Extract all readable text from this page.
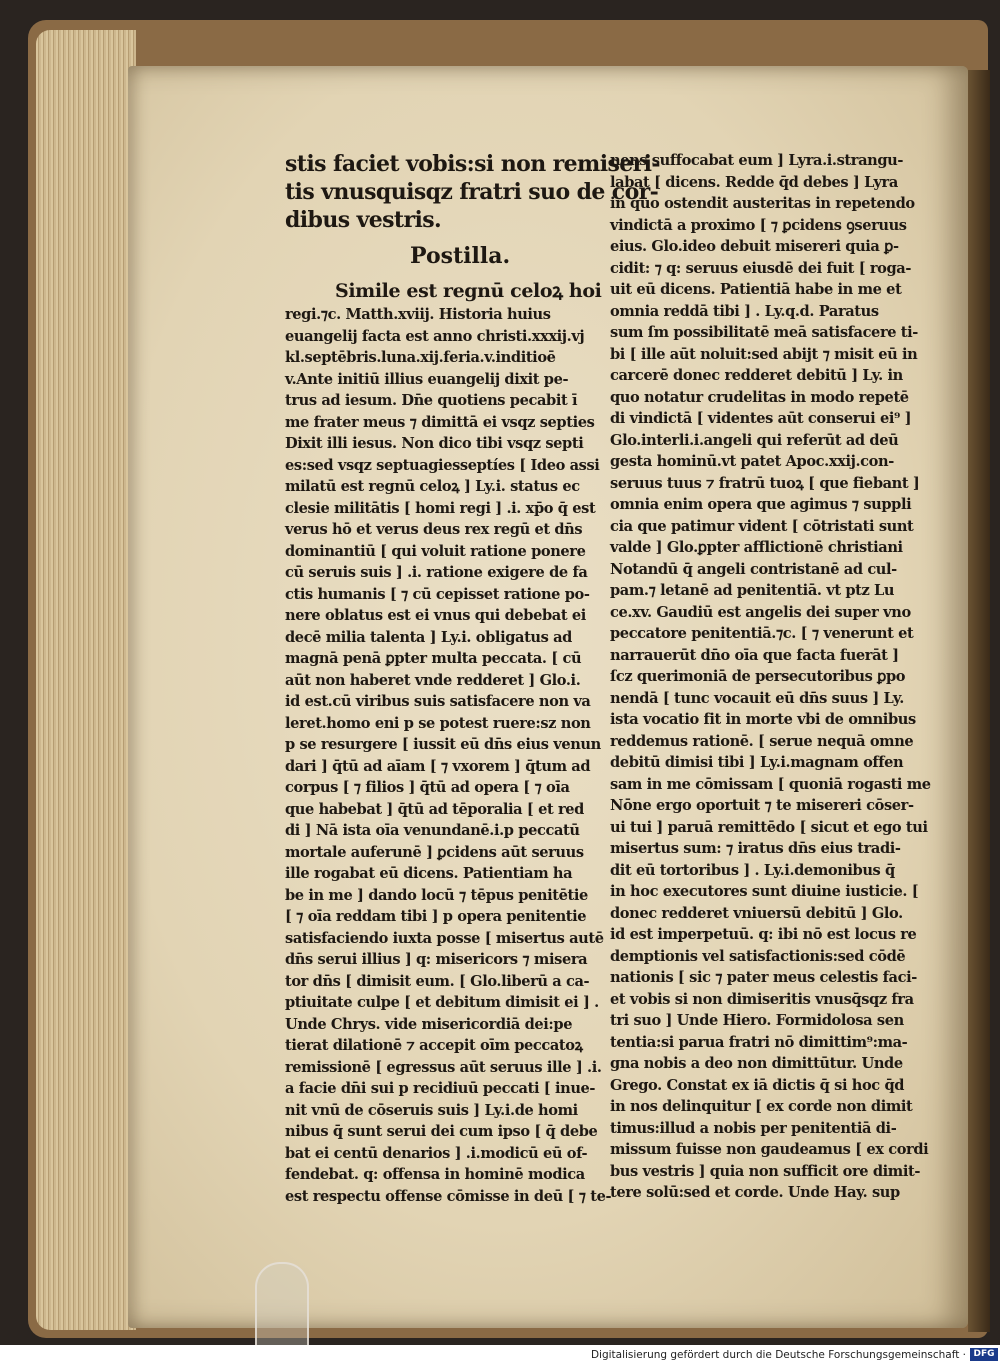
stis faciet vobis:si non remiseri-
tis vnusquisqz fratri suo de cor-
dibus vestris.
Postilla.
Simile est regnū celoꝝ hoi
regi.⁊c. Matth.xviij. Historia huius
euangelij facta est anno christi.xxxij.vj
kl.septēbris.luna.xij.feria.v.inditioē
v.Ante initiū illius euangelij dixit pe-
trus ad iesum. Dn̄e quotiens pecabit ī
me frater meus ⁊ dimittā ei vsqz septies
Dixit illi iesus. Non dico tibi vsqz septi
es:sed vsqz septuagiesseptíes [ Ideo assi
milatū est regnū celoꝝ ] Ly.i. status ec
clesie militātis [ homi regi ] .i. xp̄o q̄ est
verus hō et verus deus rex regū et dn̄s
dominantiū [ qui voluit ratione ponere
cū seruis suis ] .i. ratione exigere de fa
ctis humanis [ ⁊ cū cepisset ratione po-
nere oblatus est ei vnus qui debebat ei
decē milia talenta ] Ly.i. obligatus ad
magnā penā ꝑpter multa peccata. [ cū
aūt non haberet vnde redderet ] Glo.i.
id est.cū viribus suis satisfacere non va
leret.homo eni p se potest ruere:sz non
p se resurgere [ iussit eū dn̄s eius venun
dari ] q̄tū ad aīam [ ⁊ vxorem ] q̄tum ad
corpus [ ⁊ filios ] q̄tū ad opera [ ⁊ oīa
que habebat ] q̄tū ad tēporalia [ et red
di ] Nā ista oīa venundanē.i.p peccatū
mortale auferunē ] ꝑcidens aūt seruus
ille rogabat eū dicens. Patientiam ha
be in me ] dando locū ⁊ tēpus penitētie
[ ⁊ oīa reddam tibi ] p opera penitentie
satisfaciendo iuxta posse [ misertus autē
dn̄s serui illius ] q: misericors ⁊ misera
tor dn̄s [ dimisit eum. [ Glo.liberū a ca-
ptiuitate culpe [ et debitum dimisit ei ] .
Unde Chrys. vide misericordiā dei:pe
tierat dilationē ⁊ accepit oīm peccatoꝝ
remissionē [ egressus aūt seruus ille ] .i.
a facie dn̄i sui p recidiuū peccati [ inue-
nit vnū de cōseruis suis ] Ly.i.de homi
nibus q̄ sunt serui dei cum ipso [ q̄ debe
bat ei centū denarios ] .i.modicū eū of-
fendebat. q: offensa in hominē modica
est respectu offense cōmisse in deū [ ⁊ te-
nens suffocabat eum ] Lyra.i.strangu-
labat [ dicens. Redde q̄d debes ] Lyra
in quo ostendit austeritas in repetendo
vindictā a proximo [ ⁊ ꝑcidens ꝯseruus
eius. Glo.ideo debuit misereri quia ꝑ-
cidit: ⁊ q: seruus eiusdē dei fuit [ roga-
uit eū dicens. Patientiā habe in me et
omnia reddā tibi ] . Ly.q.d. Paratus
sum ſm possibilitatē meā satisfacere ti-
bi [ ille aūt noluit:sed abijt ⁊ misit eū in
carcerē donec redderet debitū ] Ly. in
quo notatur crudelitas in modo repetē
di vindictā [ videntes aūt conserui ei⁹ ]
Glo.interli.i.angeli qui referūt ad deū
gesta hominū.vt patet Apoc.xxij.con-
seruus tuus ⁊ fratrū tuoꝝ [ que fiebant ]
omnia enim opera que agimus ⁊ suppli
cia que patimur vident [ cōtristati sunt
valde ] Glo.ꝑpter afflictionē christiani
Notandū q̄ angeli contristanē ad cul-
pam.⁊ letanē ad penitentiā. vt ptz Lu
ce.xv. Gaudiū est angelis dei super vno
peccatore penitentiā.⁊c. [ ⁊ venerunt et
narrauerūt dn̄o oīa que facta fuerāt ]
ſcz querimoniā de persecutoribus ꝑpo
nendā [ tunc vocauit eū dn̄s suus ] Ly.
ista vocatio fit in morte vbi de omnibus
reddemus rationē. [ serue nequā omne
debitū dimisi tibi ] Ly.i.magnam offen
sam in me cōmissam [ quoniā rogasti me
Nōne ergo oportuit ⁊ te misereri cōser-
ui tui ] paruā remittēdo [ sicut et ego tui
misertus sum: ⁊ iratus dn̄s eius tradi-
dit eū tortoribus ] . Ly.i.demonibus q̄
in hoc executores sunt diuine iusticie. [
donec redderet vniuersū debitū ] Glo.
id est imperpetuū. q: ibi nō est locus re
demptionis vel satisfactionis:sed cōdē
nationis [ sic ⁊ pater meus celestis faci-
et vobis si non dimiseritis vnusq̄sqz fra
tri suo ] Unde Hiero. Formidolosa sen
tentia:si parua fratri nō dimittim⁹:ma-
gna nobis a deo non dimittūtur. Unde
Grego. Constat ex iā dictis q̄ si hoc q̄d
in nos delinquitur [ ex corde non dimit
timus:illud a nobis per penitentiā di-
missum fuisse non gaudeamus [ ex cordi
bus vestris ] quia non sufficit ore dimit-
tere solū:sed et corde. Unde Hay. sup
Digitalisierung gefördert durch die Deutsche Forschungsgemeinschaft · DFG
